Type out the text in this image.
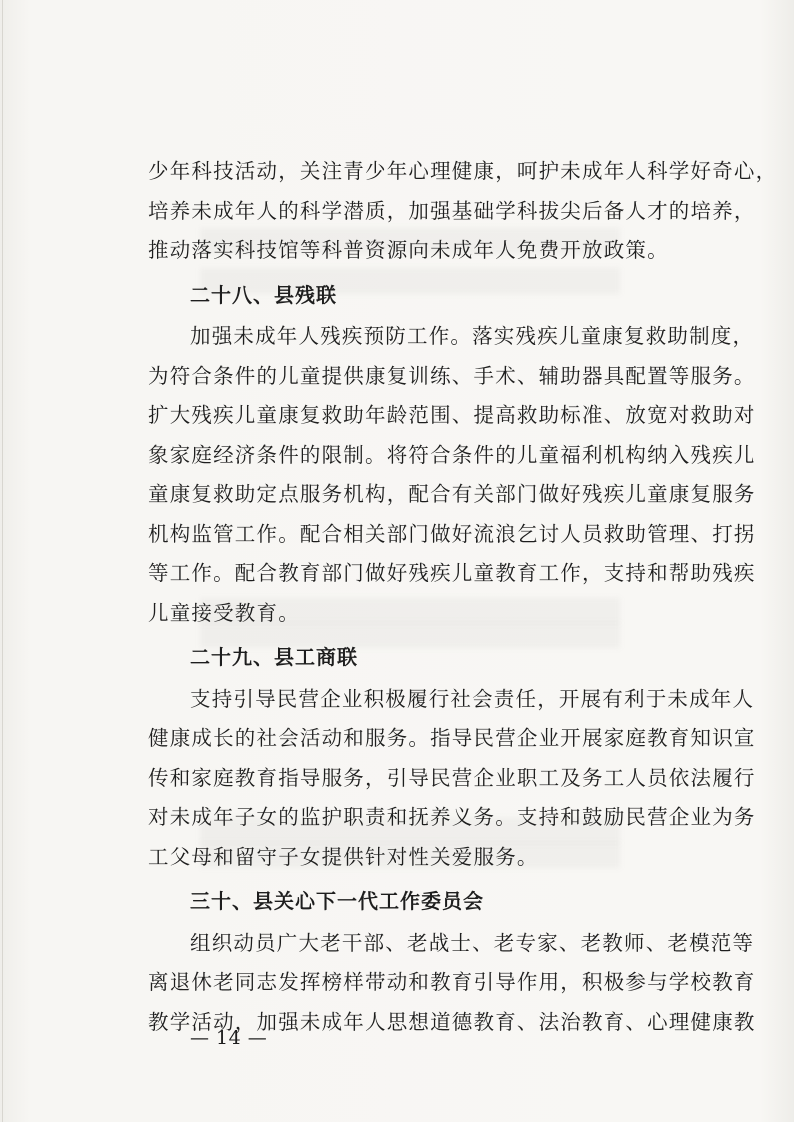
少年科技活动，关注青少年心理健康，呵护未成年人科学好奇心，
培养未成年人的科学潜质，加强基础学科拔尖后备人才的培养，
推动落实科技馆等科普资源向未成年人免费开放政策。
二十八、县残联
加强未成年人残疾预防工作。落实残疾儿童康复救助制度，
为符合条件的儿童提供康复训练、手术、辅助器具配置等服务。
扩大残疾儿童康复救助年龄范围、提高救助标准、放宽对救助对
象家庭经济条件的限制。将符合条件的儿童福利机构纳入残疾儿
童康复救助定点服务机构，配合有关部门做好残疾儿童康复服务
机构监管工作。配合相关部门做好流浪乞讨人员救助管理、打拐
等工作。配合教育部门做好残疾儿童教育工作，支持和帮助残疾
儿童接受教育。
二十九、县工商联
支持引导民营企业积极履行社会责任，开展有利于未成年人
健康成长的社会活动和服务。指导民营企业开展家庭教育知识宣
传和家庭教育指导服务，引导民营企业职工及务工人员依法履行
对未成年子女的监护职责和抚养义务。支持和鼓励民营企业为务
工父母和留守子女提供针对性关爱服务。
三十、县关心下一代工作委员会
组织动员广大老干部、老战士、老专家、老教师、老模范等
离退休老同志发挥榜样带动和教育引导作用，积极参与学校教育
教学活动，加强未成年人思想道德教育、法治教育、心理健康教
— 14 —
